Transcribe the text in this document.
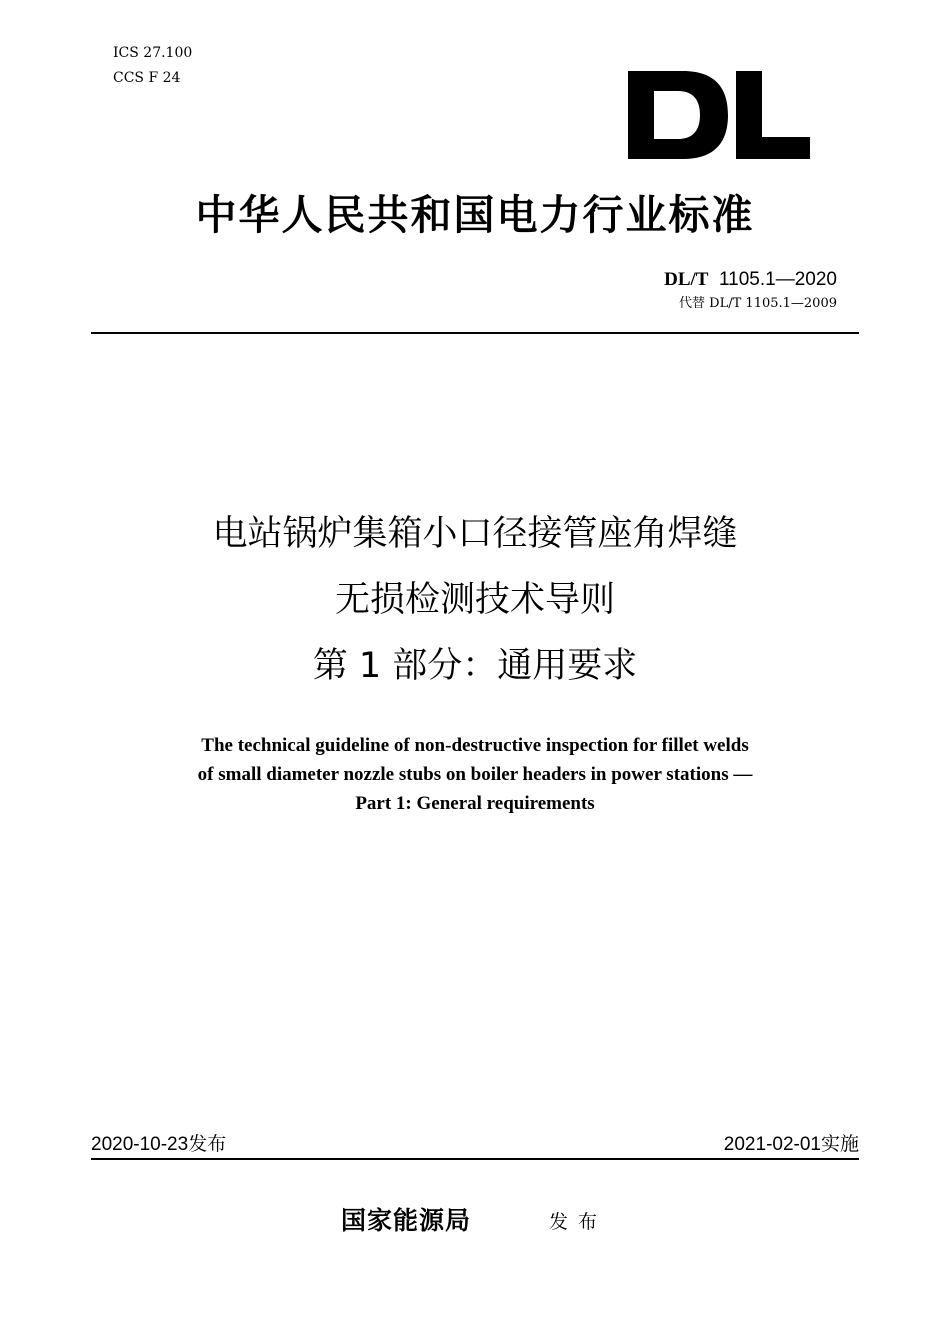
ICS 27.100
CCS F 24
中华人民共和国电力行业标准
DL/T 1105.1—2020
代替 DL/T 1105.1—2009
电站锅炉集箱小口径接管座角焊缝
无损检测技术导则
第 1 部分：通用要求
The technical guideline of non-destructive inspection for fillet welds
of small diameter nozzle stubs on boiler headers in power stations —
Part 1: General requirements
2020-10-23发布	2021-02-01实施
国家能源局	发布
